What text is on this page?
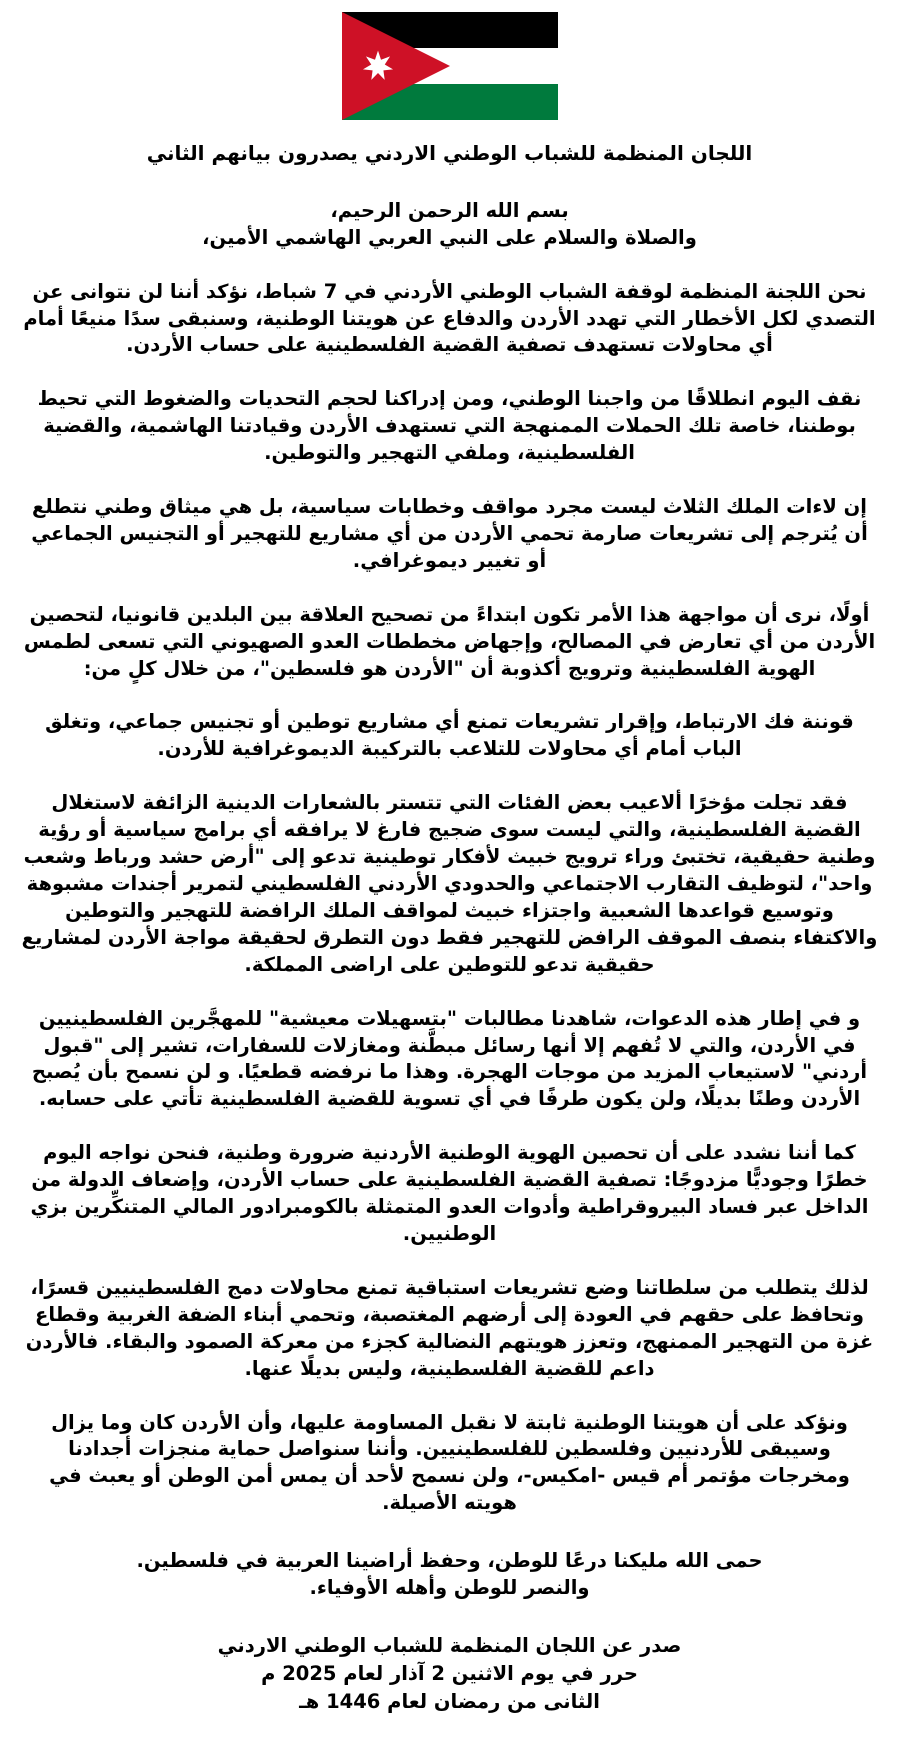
اللجان المنظمة للشباب الوطني الاردني يصدرون بيانهم الثاني

بسم الله الرحمن الرحيم،

والصلاة والسلام على النبي العربي الهاشمي الأمين،

نحن اللجنة المنظمة لوقفة الشباب الوطني الأردني في 7 شباط، نؤكد أننا لن نتوانى عن التصدي لكل الأخطار التي تهدد الأردن والدفاع عن هويتنا الوطنية، وسنبقى سدًا منيعًا أمام أي محاولات تستهدف تصفية القضية الفلسطينية على حساب الأردن.

نقف اليوم انطلاقًا من واجبنا الوطني، ومن إدراكنا لحجم التحديات والضغوط التي تحيط بوطننا، خاصة تلك الحملات الممنهجة التي تستهدف الأردن وقيادتنا الهاشمية، والقضية الفلسطينية، وملفي التهجير والتوطين.

إن لاءات الملك الثلاث ليست مجرد مواقف وخطابات سياسية، بل هي ميثاق وطني نتطلع أن يُترجم إلى تشريعات صارمة تحمي الأردن من أي مشاريع للتهجير أو التجنيس الجماعي أو تغيير ديموغرافي.

أولًا، نرى أن مواجهة هذا الأمر تكون ابتداءً من تصحيح العلاقة بين البلدين قانونيا، لتحصين الأردن من أي تعارض في المصالح، وإجهاض مخططات العدو الصهيوني التي تسعى لطمس الهوية الفلسطينية وترويج أكذوبة أن "الأردن هو فلسطين"، من خلال كلٍ من:

قوننة فك الارتباط، وإقرار تشريعات تمنع أي مشاريع توطين أو تجنيس جماعي، وتغلق الباب أمام أي محاولات للتلاعب بالتركيبة الديموغرافية للأردن.

فقد تجلت مؤخرًا ألاعيب بعض الفئات التي تتستر بالشعارات الدينية الزائفة لاستغلال القضية الفلسطينية، والتي ليست سوى ضجيج فارغ لا يرافقه أي برامج سياسية أو رؤية وطنية حقيقية، تختبئ وراء ترويج خبيث لأفكار توطينية تدعو إلى "أرض حشد ورباط وشعب واحد"، لتوظيف التقارب الاجتماعي والحدودي الأردني الفلسطيني لتمرير أجندات مشبوهة وتوسيع قواعدها الشعبية واجتزاء خبيث لمواقف الملك الرافضة للتهجير والتوطين والاكتفاء بنصف الموقف الرافض للتهجير فقط دون التطرق لحقيقة مواجة الأردن لمشاريع حقيقية تدعو للتوطين على اراضى المملكة.

و في إطار هذه الدعوات، شاهدنا مطالبات "بتسهيلات معيشية" للمهجَّرين الفلسطينيين في الأردن، والتي لا تُفهم إلا أنها رسائل مبطَّنة ومغازلات للسفارات، تشير إلى "قبول أردني" لاستيعاب المزيد من موجات الهجرة. وهذا ما نرفضه قطعيًا. و لن نسمح بأن يُصبح الأردن وطنًا بديلًا، ولن يكون طرفًا في أي تسوية للقضية الفلسطينية تأتي على حسابه.

كما أننا نشدد على أن تحصين الهوية الوطنية الأردنية ضرورة وطنية، فنحن نواجه اليوم خطرًا وجوديًّا مزدوجًا: تصفية القضية الفلسطينية على حساب الأردن، وإضعاف الدولة من الداخل عبر فساد البيروقراطية وأدوات العدو المتمثلة بالكومبرادور المالي المتنكِّرين بزي الوطنيين.

لذلك يتطلب من سلطاتنا وضع تشريعات استباقية تمنع محاولات دمج الفلسطينيين قسرًا، وتحافظ على حقهم في العودة إلى أرضهم المغتصبة، وتحمي أبناء الضفة الغربية وقطاع غزة من التهجير الممنهج، وتعزز هويتهم النضالية كجزء من معركة الصمود والبقاء. فالأردن داعم للقضية الفلسطينية، وليس بديلًا عنها.

ونؤكد على أن هويتنا الوطنية ثابتة لا نقبل المساومة عليها، وأن الأردن كان وما يزال وسيبقى للأردنيين وفلسطين للفلسطينيين. وأننا سنواصل حماية منجزات أجدادنا ومخرجات مؤتمر أم قيس -امكيس-، ولن نسمح لأحد أن يمس أمن الوطن أو يعبث في هويته الأصيلة.

حمى الله مليكنا درعًا للوطن، وحفظ أراضينا العربية في فلسطين.

والنصر للوطن وأهله الأوفياء.

صدر عن اللجان المنظمة للشباب الوطني الاردني

حرر في يوم الاثنين 2 آذار لعام 2025 م

الثانى من رمضان لعام 1446 هـ
